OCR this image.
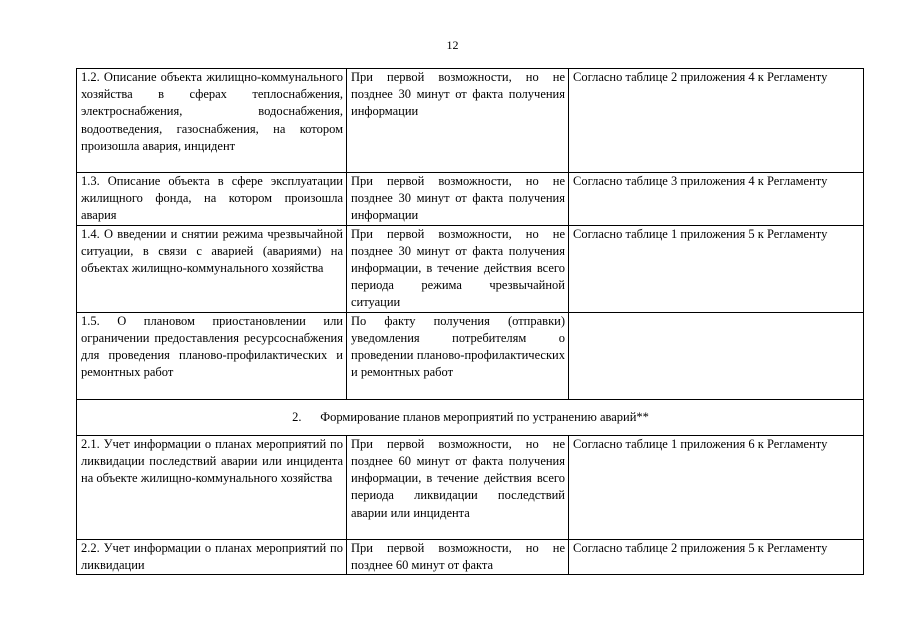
12
1.2. Описание объекта жилищно-коммунального хозяйства в сферах теплоснабжения, электроснабжения, водоснабжения, водоотведения, газоснабжения, на котором произошла авария, инцидент	При первой возможности, но не позднее 30 минут от факта получения информации	Согласно таблице 2 приложения 4 к Регламенту
1.3. Описание объекта в сфере эксплуатации жилищного фонда, на котором произошла авария	При первой возможности, но не позднее 30 минут от факта получения информации	Согласно таблице 3 приложения 4 к Регламенту
1.4. О введении и снятии режима чрезвычайной ситуации, в связи с аварией (авариями) на объектах жилищно-коммунального хозяйства	При первой возможности, но не позднее 30 минут от факта получения информации, в течение действия всего периода режима чрезвычайной ситуации	Согласно таблице 1 приложения 5 к Регламенту
1.5. О плановом приостановлении или ограничении предоставления ресурсоснабжения для проведения планово-профилактических и ремонтных работ	По факту получения (отправки) уведомления потребителям о проведении планово-профилактических и ремонтных работ	
2. Формирование планов мероприятий по устранению аварий**		
2.1. Учет информации о планах мероприятий по ликвидации последствий аварии или инцидента на объекте жилищно-коммунального хозяйства	При первой возможности, но не позднее 60 минут от факта получения информации, в течение действия всего периода ликвидации последствий аварии или инцидента	Согласно таблице 1 приложения 6 к Регламенту
2.2. Учет информации о планах мероприятий по ликвидации	При первой возможности, но не позднее 60 минут от факта	Согласно таблице 2 приложения 5 к Регламенту
